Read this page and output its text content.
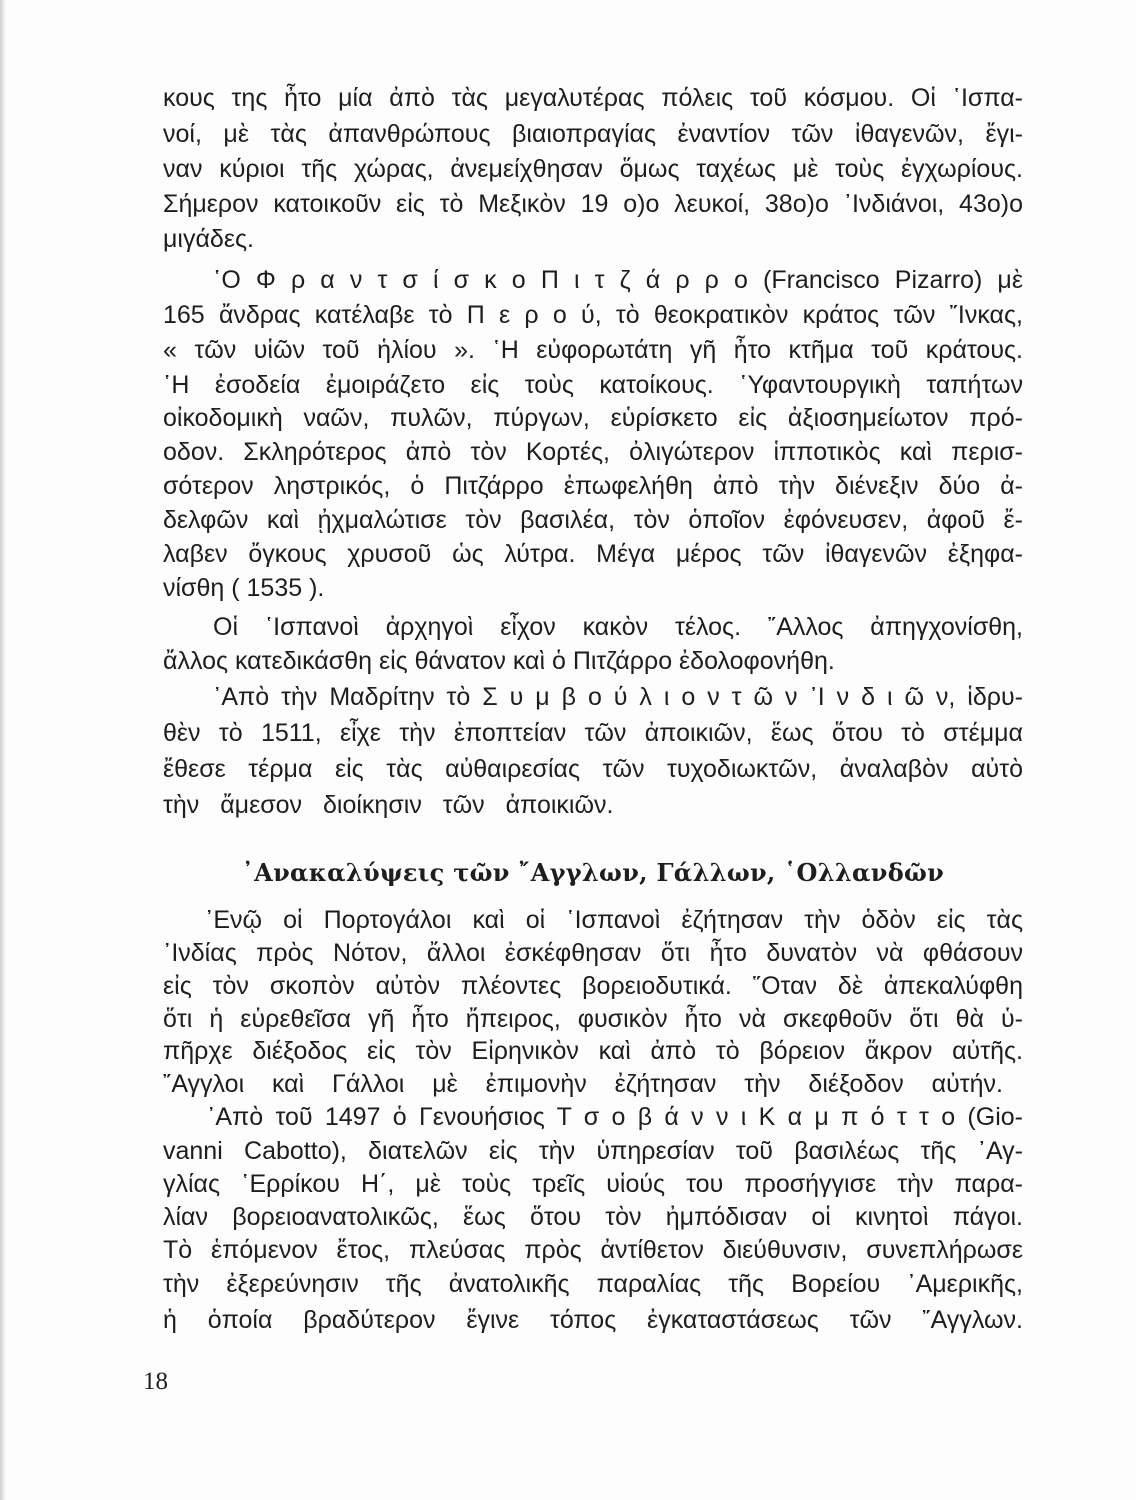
κους της ἦτο μία ἀπὸ τὰς μεγαλυτέρας πόλεις τοῦ κόσμου. Οἱ ῾Ισπα-
νοί, μὲ τὰς ἀπανθρώπους βιαιοπραγίας ἐναντίον τῶν ἰθαγενῶν, ἔγι-
ναν κύριοι τῆς χώρας, ἀνεμείχθησαν ὅμως ταχέως μὲ τοὺς ἐγχωρίους.
Σήμερον κατοικοῦν εἰς τὸ Μεξικὸν 19 ο)ο λευκοί, 38ο)ο ᾿Ινδιάνοι, 43ο)ο
μιγάδες.
῾Ο Φ ρ α ν τ σ ί σ κ ο Π ι τ ζ ά ρ ρ ο (Francisco Pizarro) μὲ
165 ἄνδρας κατέλαβε τὸ Π ε ρ ο ύ, τὸ θεοκρατικὸν κράτος τῶν ῎Ινκας,
« τῶν υἱῶν τοῦ ἡλίου ». ῾Η εὐφορωτάτη γῆ ἦτο κτῆμα τοῦ κράτους.
῾Η ἐσοδεία ἐμοιράζετο εἰς τοὺς κατοίκους. ῾Υφαντουργικὴ ταπήτων
οἰκοδομικὴ ναῶν, πυλῶν, πύργων, εὑρίσκετο εἰς ἀξιοσημείωτον πρό-
οδον. Σκληρότερος ἀπὸ τὸν Κορτές, ὀλιγώτερον ἱπποτικὸς καὶ περισ-
σότερον ληστρικός, ὁ Πιτζάρρο ἐπωφελήθη ἀπὸ τὴν διένεξιν δύο ἀ-
δελφῶν καὶ ᾐχμαλώτισε τὸν βασιλέα, τὸν ὁποῖον ἐφόνευσεν, ἀφοῦ ἔ-
λαβεν ὄγκους χρυσοῦ ὡς λύτρα. Μέγα μέρος τῶν ἰθαγενῶν ἐξηφα-
νίσθη ( 1535 ).
Οἱ ῾Ισπανοὶ ἀρχηγοὶ εἶχον κακὸν τέλος. ῎Αλλος ἀπηγχονίσθη,
ἄλλος κατεδικάσθη εἰς θάνατον καὶ ὁ Πιτζάρρο ἐδολοφονήθη.
᾿Απὸ τὴν Μαδρίτην τὸ Σ υ μ β ο ύ λ ι ο ν τ ῶ ν ᾿Ι ν δ ι ῶ ν, ἱδρυ-
θὲν τὸ 1511, εἶχε τὴν ἐποπτείαν τῶν ἀποικιῶν, ἕως ὅτου τὸ στέμμα
ἔθεσε τέρμα εἰς τὰς αὐθαιρεσίας τῶν τυχοδιωκτῶν, ἀναλαβὸν αὐτὸ
τὴν ἄμεσον διοίκησιν τῶν ἀποικιῶν.
᾿Ανακαλύψεις τῶν ῎Αγγλων, Γάλλων, ῾Ολλανδῶν
᾿Ενῷ οἱ Πορτογάλοι καὶ οἱ ῾Ισπανοὶ ἐζήτησαν τὴν ὁδὸν εἰς τὰς
᾿Ινδίας πρὸς Νότον, ἄλλοι ἐσκέφθησαν ὅτι ἦτο δυνατὸν νὰ φθάσουν
εἰς τὸν σκοπὸν αὐτὸν πλέοντες βορειοδυτικά. ῞Οταν δὲ ἀπεκαλύφθη
ὅτι ἡ εὑρεθεῖσα γῆ ἦτο ἤπειρος, φυσικὸν ἦτο νὰ σκεφθοῦν ὅτι θὰ ὑ-
πῆρχε διέξοδος εἰς τὸν Εἰρηνικὸν καὶ ἀπὸ τὸ βόρειον ἄκρον αὐτῆς.
῎Αγγλοι καὶ Γάλλοι μὲ ἐπιμονὴν ἐζήτησαν τὴν διέξοδον αὐτήν.
᾿Απὸ τοῦ 1497 ὁ Γενουήσιος Τ σ ο β ά ν ν ι Κ α μ π ό τ τ ο (Gio-
vanni Cabotto), διατελῶν εἰς τὴν ὑπηρεσίαν τοῦ βασιλέως τῆς ᾿Αγ-
γλίας ῾Ερρίκου Η΄, μὲ τοὺς τρεῖς υἱούς του προσήγγισε τὴν παρα-
λίαν βορειοανατολικῶς, ἕως ὅτου τὸν ἠμπόδισαν οἱ κινητοὶ πάγοι.
Τὸ ἑπόμενον ἔτος, πλεύσας πρὸς ἀντίθετον διεύθυνσιν, συνεπλήρωσε
τὴν ἐξερεύνησιν τῆς ἀνατολικῆς παραλίας τῆς Βορείου ᾿Αμερικῆς,
ἡ ὁποία βραδύτερον ἔγινε τόπος ἐγκαταστάσεως τῶν ῎Αγγλων.
18
